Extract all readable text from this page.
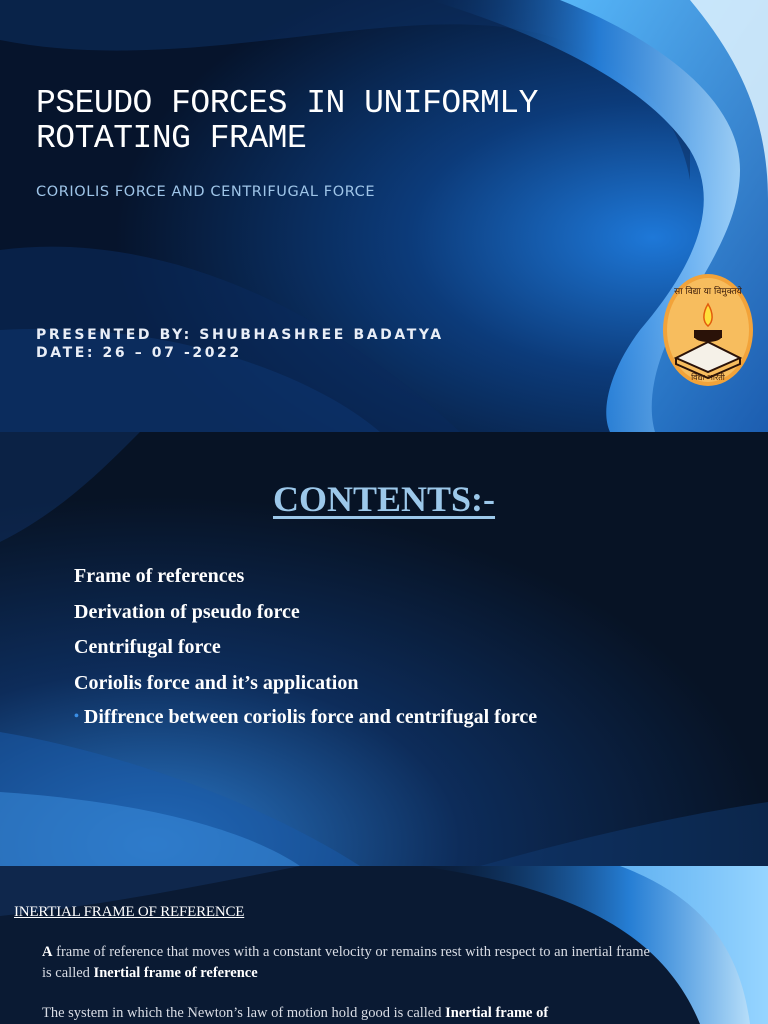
PSEUDO FORCES IN UNIFORMLY
ROTATING FRAME
CORIOLIS FORCE AND CENTRIFUGAL FORCE
PRESENTED BY: SHUBHASHREE BADATYA
DATE: 26 – 07 -2022
सा विद्या या विमुक्तये
विद्या भारती
CONTENTS:-
Frame of references
Derivation of pseudo force
Centrifugal force
Coriolis force and it’s application
• Diffrence between coriolis force and centrifugal force
INERTIAL FRAME OF REFERENCE

A frame of reference that moves with a constant velocity or remains rest with respect to an inertial frame is called Inertial frame of reference

The system in which the Newton’s law of motion hold good is called Inertial frame of
